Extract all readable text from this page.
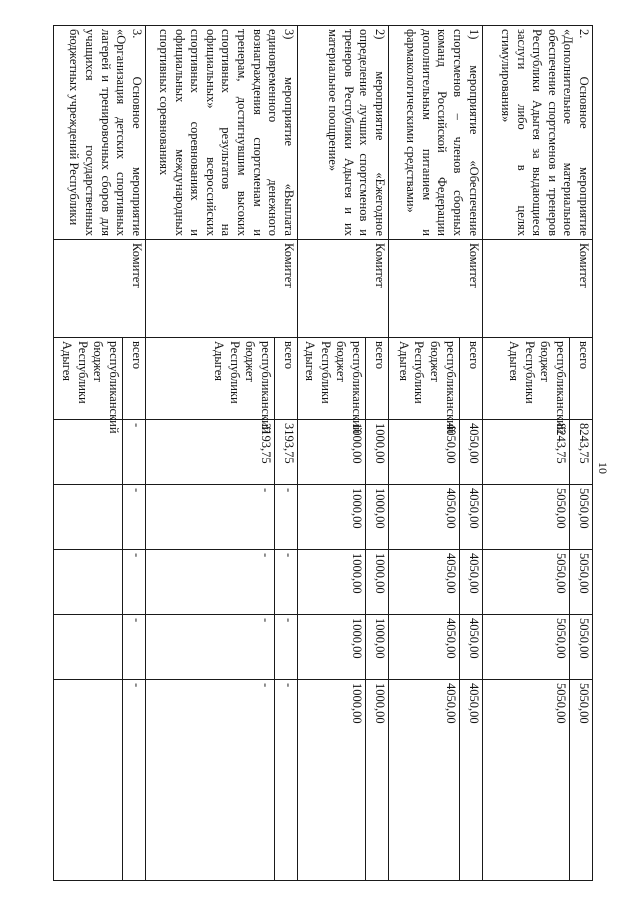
10
2. Основное мероприятие «Дополнительное материальное обеспечение спортсменов и тренеров Республики Адыгея за выдающиеся заслуги либо в целях стимулирования»	Комитет	всего	8243,75	5050,00	5050,00	5050,00	5050,00
		республиканский бюджет Республики Адыгея	8243,75	5050,00	5050,00	5050,00	5050,00
1) мероприятие «Обеспечение спортсменов – членов сборных команд Российской Федерации дополнительным питанием и фармакологическими средствами»	Комитет	всего	4050,00	4050,00	4050,00	4050,00	4050,00
		республиканский бюджет Республики Адыгея	4050,00	4050,00	4050,00	4050,00	4050,00
2) мероприятие «Ежегодное определение лучших спортсменов и тренеров Республики Адыгея и их материальное поощрение»	Комитет	всего	1000,00	1000,00	1000,00	1000,00	1000,00
		республиканский бюджет Республики Адыгея	1000,00	1000,00	1000,00	1000,00	1000,00
3) мероприятие «Выплата единовременного денежного вознаграждения спортсменам и тренерам, достигнувшим высоких спортивных результатов на официальных» всероссийских спортивных соревнованиях и официальных международных спортивных соревнованиях	Комитет	всего	3193,75	-	-	-	-
		республиканский бюджет Республики Адыгея	3193,75	-	-	-	-
3. Основное мероприятие «Организация детских спортивных лагерей и тренировочных сборов для учащихся государственных бюджетных учреждений Республики	Комитет	всего	-	-	-	-	-
		республиканский бюджет Республики Адыгея					
